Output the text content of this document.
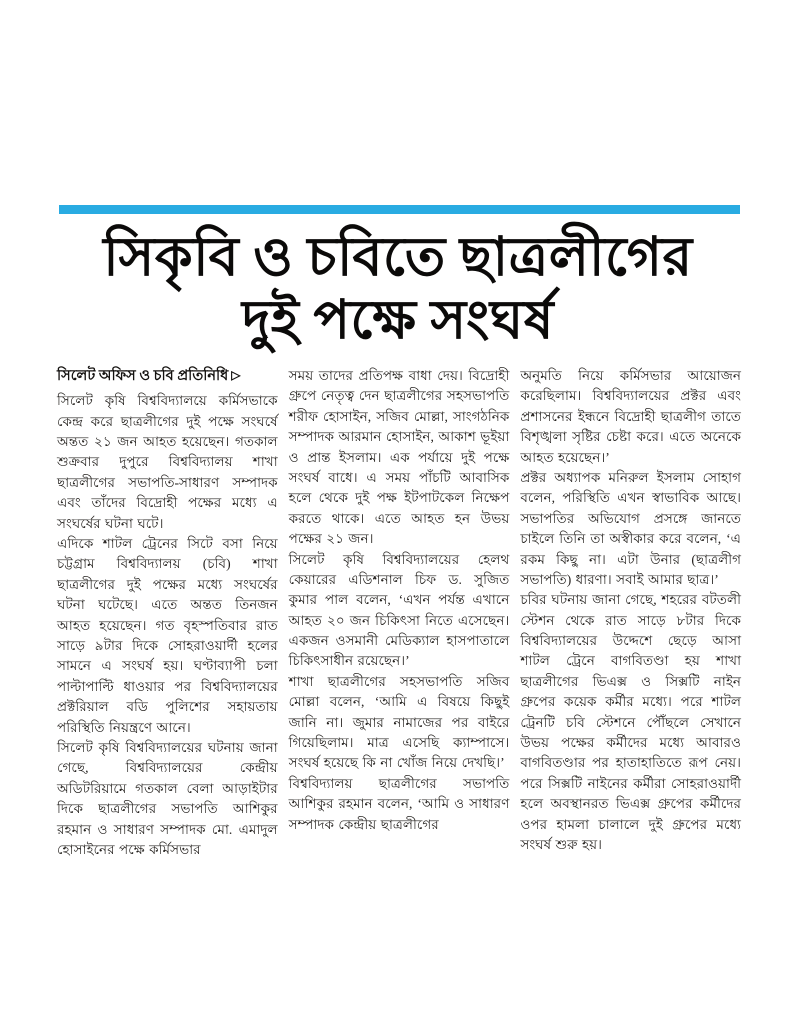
সিকৃবি ও চবিতে ছাত্রলীগের
দুই পক্ষে সংঘর্ষ

সিলেট অফিস ও চবি প্রতিনিধি ▷

সিলেট কৃষি বিশ্ববিদ্যালয়ে কর্মিসভাকে কেন্দ্র করে ছাত্রলীগের দুই পক্ষে সংঘর্ষে অন্তত ২১ জন আহত হয়েছেন। গতকাল শুক্রবার দুপুরে বিশ্ববিদ্যালয় শাখা ছাত্রলীগের সভাপতি-সাধারণ সম্পাদক এবং তাঁদের বিদ্রোহী পক্ষের মধ্যে এ সংঘর্ষের ঘটনা ঘটে।

এদিকে শাটল ট্রেনের সিটে বসা নিয়ে চট্টগ্রাম বিশ্ববিদ্যালয় (চবি) শাখা ছাত্রলীগের দুই পক্ষের মধ্যে সংঘর্ষের ঘটনা ঘটেছে। এতে অন্তত তিনজন আহত হয়েছেন। গত বৃহস্পতিবার রাত সাড়ে ৯টার দিকে সোহরাওয়ার্দী হলের সামনে এ সংঘর্ষ হয়। ঘণ্টাব্যাপী চলা পাল্টাপাল্টি ধাওয়ার পর বিশ্ববিদ্যালয়ের প্রক্টরিয়াল বডি পুলিশের সহায়তায় পরিস্থিতি নিয়ন্ত্রণে আনে।

সিলেট কৃষি বিশ্ববিদ্যালয়ের ঘটনায় জানা গেছে, বিশ্ববিদ্যালয়ের কেন্দ্রীয় অডিটরিয়ামে গতকাল বেলা আড়াইটার দিকে ছাত্রলীগের সভাপতি আশিকুর রহমান ও সাধারণ সম্পাদক মো. এমাদুল হোসাইনের পক্ষে কর্মিসভার

সময় তাদের প্রতিপক্ষ বাধা দেয়। বিদ্রোহী গ্রুপে নেতৃত্ব দেন ছাত্রলীগের সহসভাপতি শরীফ হোসাইন, সজিব মোল্লা, সাংগঠনিক সম্পাদক আরমান হোসাইন, আকাশ ভূইয়া ও প্রান্ত ইসলাম। এক পর্যায়ে দুই পক্ষে সংঘর্ষ বাধে। এ সময় পাঁচটি আবাসিক হলে থেকে দুই পক্ষ ইটপাটকেল নিক্ষেপ করতে থাকে। এতে আহত হন উভয় পক্ষের ২১ জন।

সিলেট কৃষি বিশ্ববিদ্যালয়ের হেলথ কেয়ারের এডিশনাল চিফ ড. সুজিত কুমার পাল বলেন, ‘এখন পর্যন্ত এখানে আহত ২০ জন চিকিৎসা নিতে এসেছেন। একজন ওসমানী মেডিক্যাল হাসপাতালে চিকিৎসাধীন রয়েছেন।’

শাখা ছাত্রলীগের সহসভাপতি সজিব মোল্লা বলেন, ‘আমি এ বিষয়ে কিছুই জানি না। জুমার নামাজের পর বাইরে গিয়েছিলাম। মাত্র এসেছি ক্যাম্পাসে। সংঘর্ষ হয়েছে কি না খোঁজ নিয়ে দেখছি।’

বিশ্ববিদ্যালয় ছাত্রলীগের সভাপতি আশিকুর রহমান বলেন, ‘আমি ও সাধারণ সম্পাদক কেন্দ্রীয় ছাত্রলীগের

অনুমতি নিয়ে কর্মিসভার আয়োজন করেছিলাম। বিশ্ববিদ্যালয়ের প্রক্টর এবং প্রশাসনের ইন্ধনে বিদ্রোহী ছাত্রলীগ তাতে বিশৃঙ্খলা সৃষ্টির চেষ্টা করে। এতে অনেকে আহত হয়েছেন।’

প্রক্টর অধ্যাপক মনিরুল ইসলাম সোহাগ বলেন, পরিস্থিতি এখন স্বাভাবিক আছে। সভাপতির অভিযোগ প্রসঙ্গে জানতে চাইলে তিনি তা অস্বীকার করে বলেন, ‘এ রকম কিছু না। এটা উনার (ছাত্রলীগ সভাপতি) ধারণা। সবাই আমার ছাত্র।’

চবির ঘটনায় জানা গেছে, শহরের বটতলী স্টেশন থেকে রাত সাড়ে ৮টার দিকে বিশ্ববিদ্যালয়ের উদ্দেশে ছেড়ে আসা শাটল ট্রেনে বাগবিতণ্ডা হয় শাখা ছাত্রলীগের ভিএক্স ও সিক্সটি নাইন গ্রুপের কয়েক কর্মীর মধ্যে। পরে শাটল ট্রেনটি চবি স্টেশনে পৌঁছলে সেখানে উভয় পক্ষের কর্মীদের মধ্যে আবারও বাগবিতণ্ডার পর হাতাহাতিতে রূপ নেয়। পরে সিক্সটি নাইনের কর্মীরা সোহরাওয়ার্দী হলে অবস্থানরত ভিএক্স গ্রুপের কর্মীদের ওপর হামলা চালালে দুই গ্রুপের মধ্যে সংঘর্ষ শুরু হয়।
